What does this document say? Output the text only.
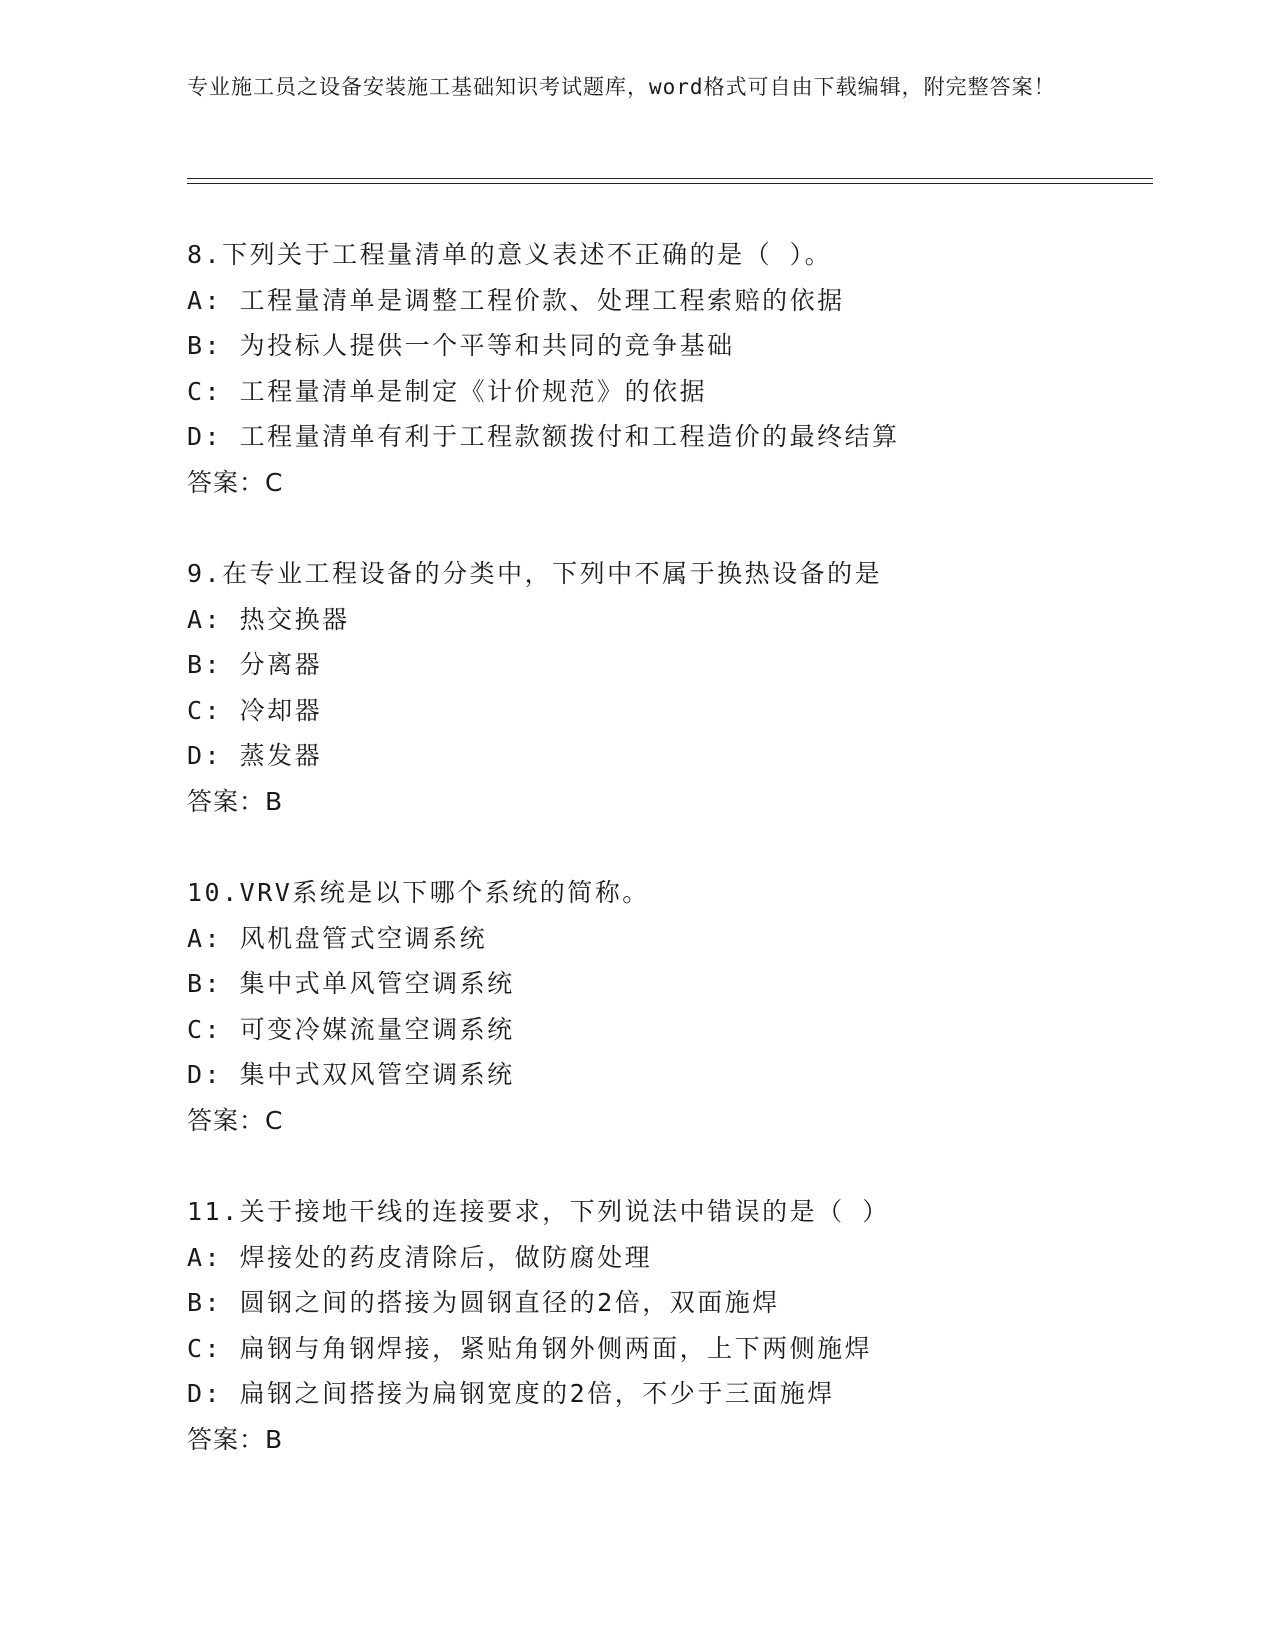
专业施工员之设备安装施工基础知识考试题库，word格式可自由下载编辑，附完整答案！
8.下列关于工程量清单的意义表述不正确的是（ ）。
A: 工程量清单是调整工程价款、处理工程索赔的依据
B: 为投标人提供一个平等和共同的竞争基础
C: 工程量清单是制定《计价规范》的依据
D: 工程量清单有利于工程款额拨付和工程造价的最终结算
答案：C
9.在专业工程设备的分类中，下列中不属于换热设备的是
A: 热交换器
B: 分离器
C: 冷却器
D: 蒸发器
答案：B
10.VRV系统是以下哪个系统的简称。
A: 风机盘管式空调系统
B: 集中式单风管空调系统
C: 可变冷媒流量空调系统
D: 集中式双风管空调系统
答案：C
11.关于接地干线的连接要求，下列说法中错误的是（ ）
A: 焊接处的药皮清除后，做防腐处理
B: 圆钢之间的搭接为圆钢直径的2倍，双面施焊
C: 扁钢与角钢焊接，紧贴角钢外侧两面，上下两侧施焊
D: 扁钢之间搭接为扁钢宽度的2倍，不少于三面施焊
答案：B
